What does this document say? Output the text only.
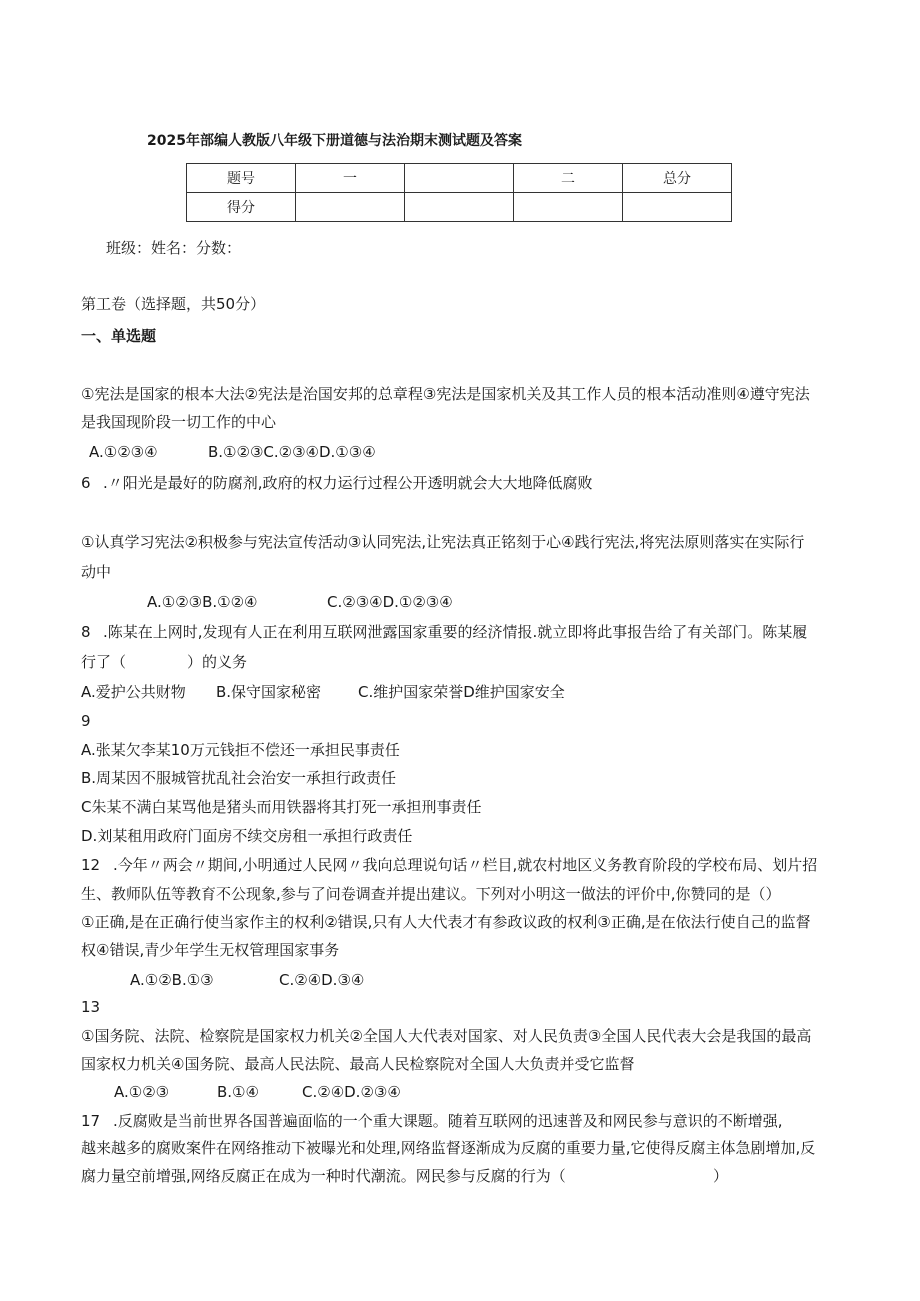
2025年部编人教版八年级下册道德与法治期末测试题及答案
题号	一		二	总分
得分				
班级：姓名：分数：
第工卷（选择题，共50分）
一、单选题
①宪法是国家的根本大法②宪法是治国安邦的总章程③宪法是国家机关及其工作人员的根本活动准则④遵守宪法
是我国现阶段一切工作的中心
A.①②③④	B.①②③C.②③④D.①③④
6 .〃阳光是最好的防腐剂,政府的权力运行过程公开透明就会大大地降低腐败
①认真学习宪法②积极参与宪法宣传活动③认同宪法,让宪法真正铭刻于心④践行宪法,将宪法原则落实在实际行
动中
A.①②③B.①②④	C.②③④D.①②③④
8 .陈某在上网时,发现有人正在利用互联网泄露国家重要的经济情报.就立即将此事报告给了有关部门。陈某履
行了（	）的义务
A.爱护公共财物 B.保守国家秘密 C.维护国家荣誉D维护国家安全
9
A.张某欠李某10万元钱拒不偿还一承担民事责任
B.周某因不服城管扰乱社会治安一承担行政责任
C朱某不满白某骂他是猪头而用铁器将其打死一承担刑事责任
D.刘某租用政府门面房不续交房租一承担行政责任
12 .今年〃两会〃期间,小明通过人民网〃我向总理说句话〃栏目,就农村地区义务教育阶段的学校布局、划片招
生、教师队伍等教育不公现象,参与了问卷调查并提出建议。下列对小明这一做法的评价中,你赞同的是（）
①正确,是在正确行使当家作主的权利②错误,只有人大代表才有参政议政的权利③正确,是在依法行使自己的监督
权④错误,青少年学生无权管理国家事务
A.①②B.①③	C.②④D.③④
13
①国务院、法院、检察院是国家权力机关②全国人大代表对国家、对人民负责③全国人民代表大会是我国的最高
国家权力机关④国务院、最高人民法院、最高人民检察院对全国人大负责并受它监督
A.①②③	B.①④	C.②④D.②③④
17 .反腐败是当前世界各国普遍面临的一个重大课题。随着互联网的迅速普及和网民参与意识的不断增强,
越来越多的腐败案件在网络推动下被曝光和处理,网络监督逐渐成为反腐的重要力量,它使得反腐主体急剧增加,反
腐力量空前增强,网络反腐正在成为一种时代潮流。网民参与反腐的行为（	）
